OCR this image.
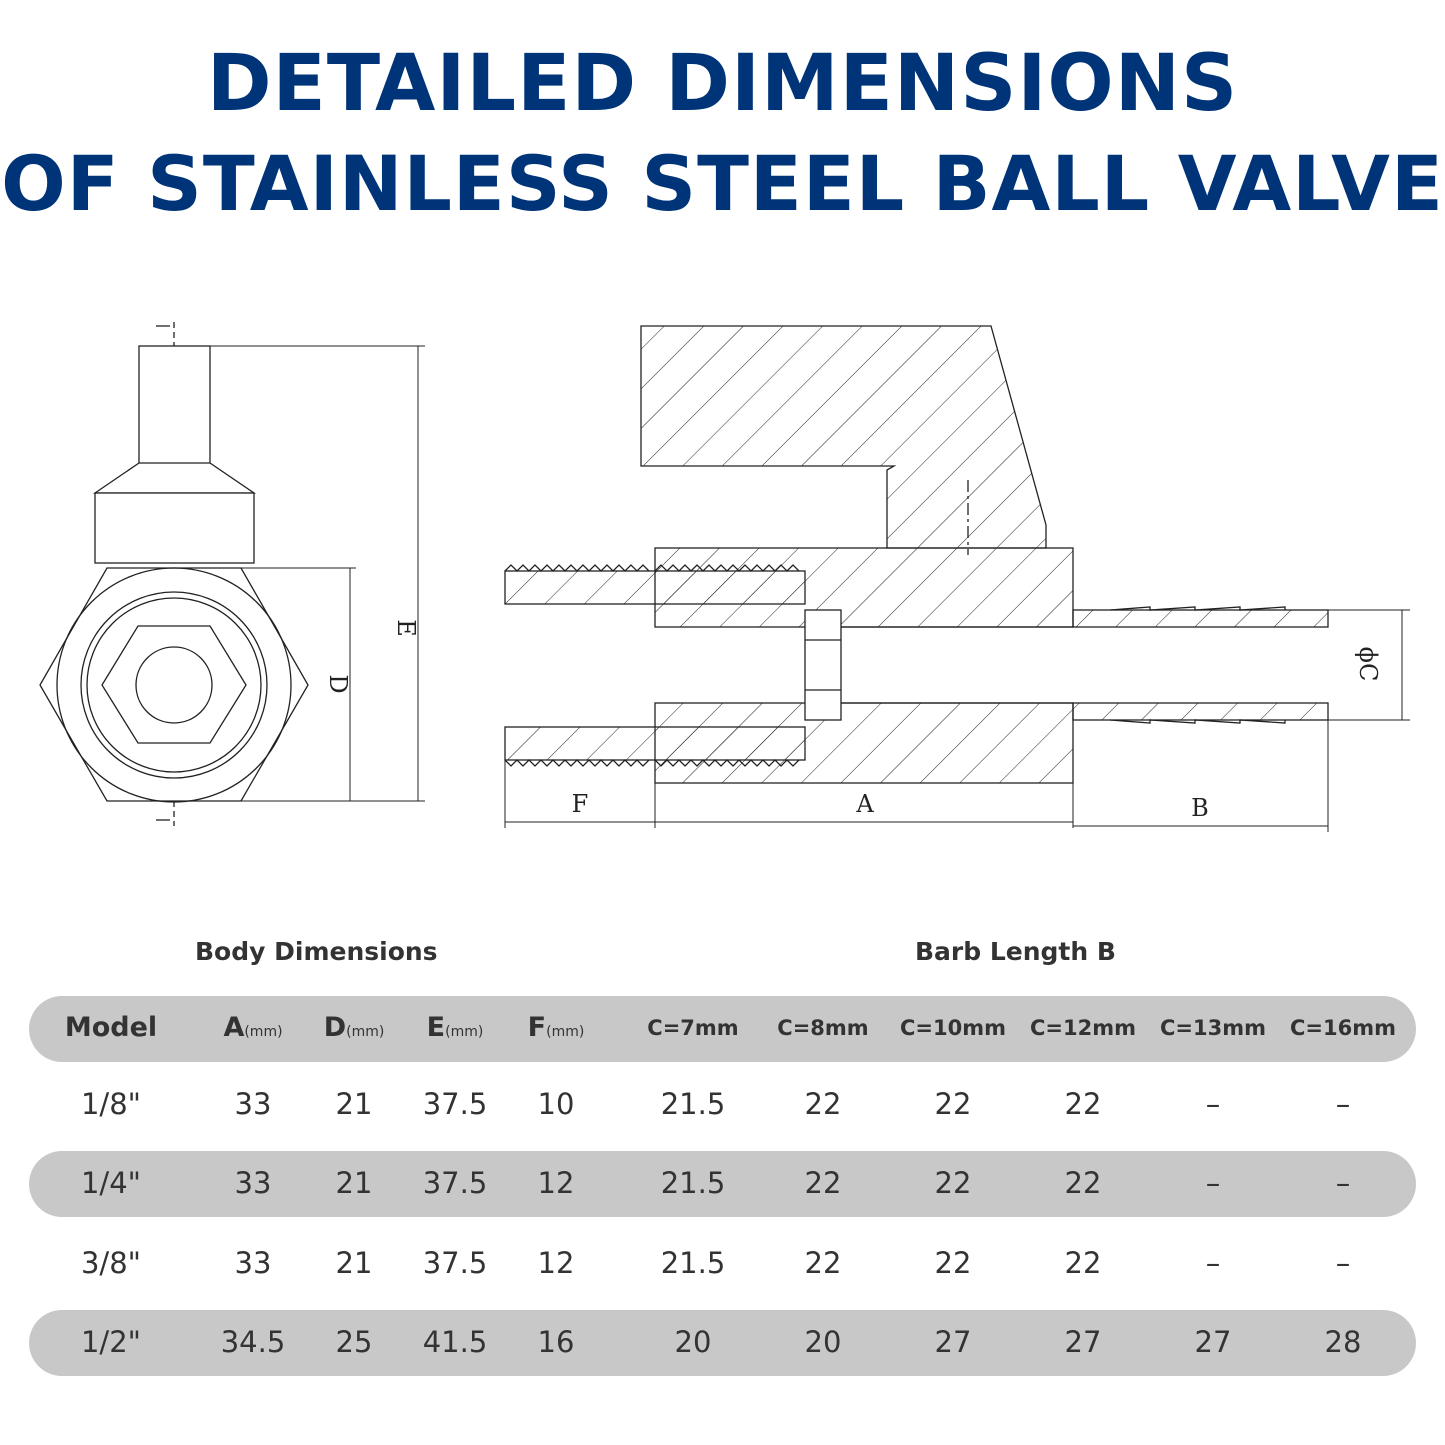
DETAILED DIMENSIONS
OF STAINLESS STEEL BALL VALVE
E
D
F	A	B
ϕC
Body Dimensions	Barb Length B
Model	A(mm)	D(mm)	E(mm)	F(mm)	C=7mm	C=8mm	C=10mm	C=12mm	C=13mm	C=16mm
1/8"	33	21	37.5	10	21.5	22	22	22	–	–
1/4"	33	21	37.5	12	21.5	22	22	22	–	–
3/8"	33	21	37.5	12	21.5	22	22	22	–	–
1/2"	34.5	25	41.5	16	20	20	27	27	27	28
